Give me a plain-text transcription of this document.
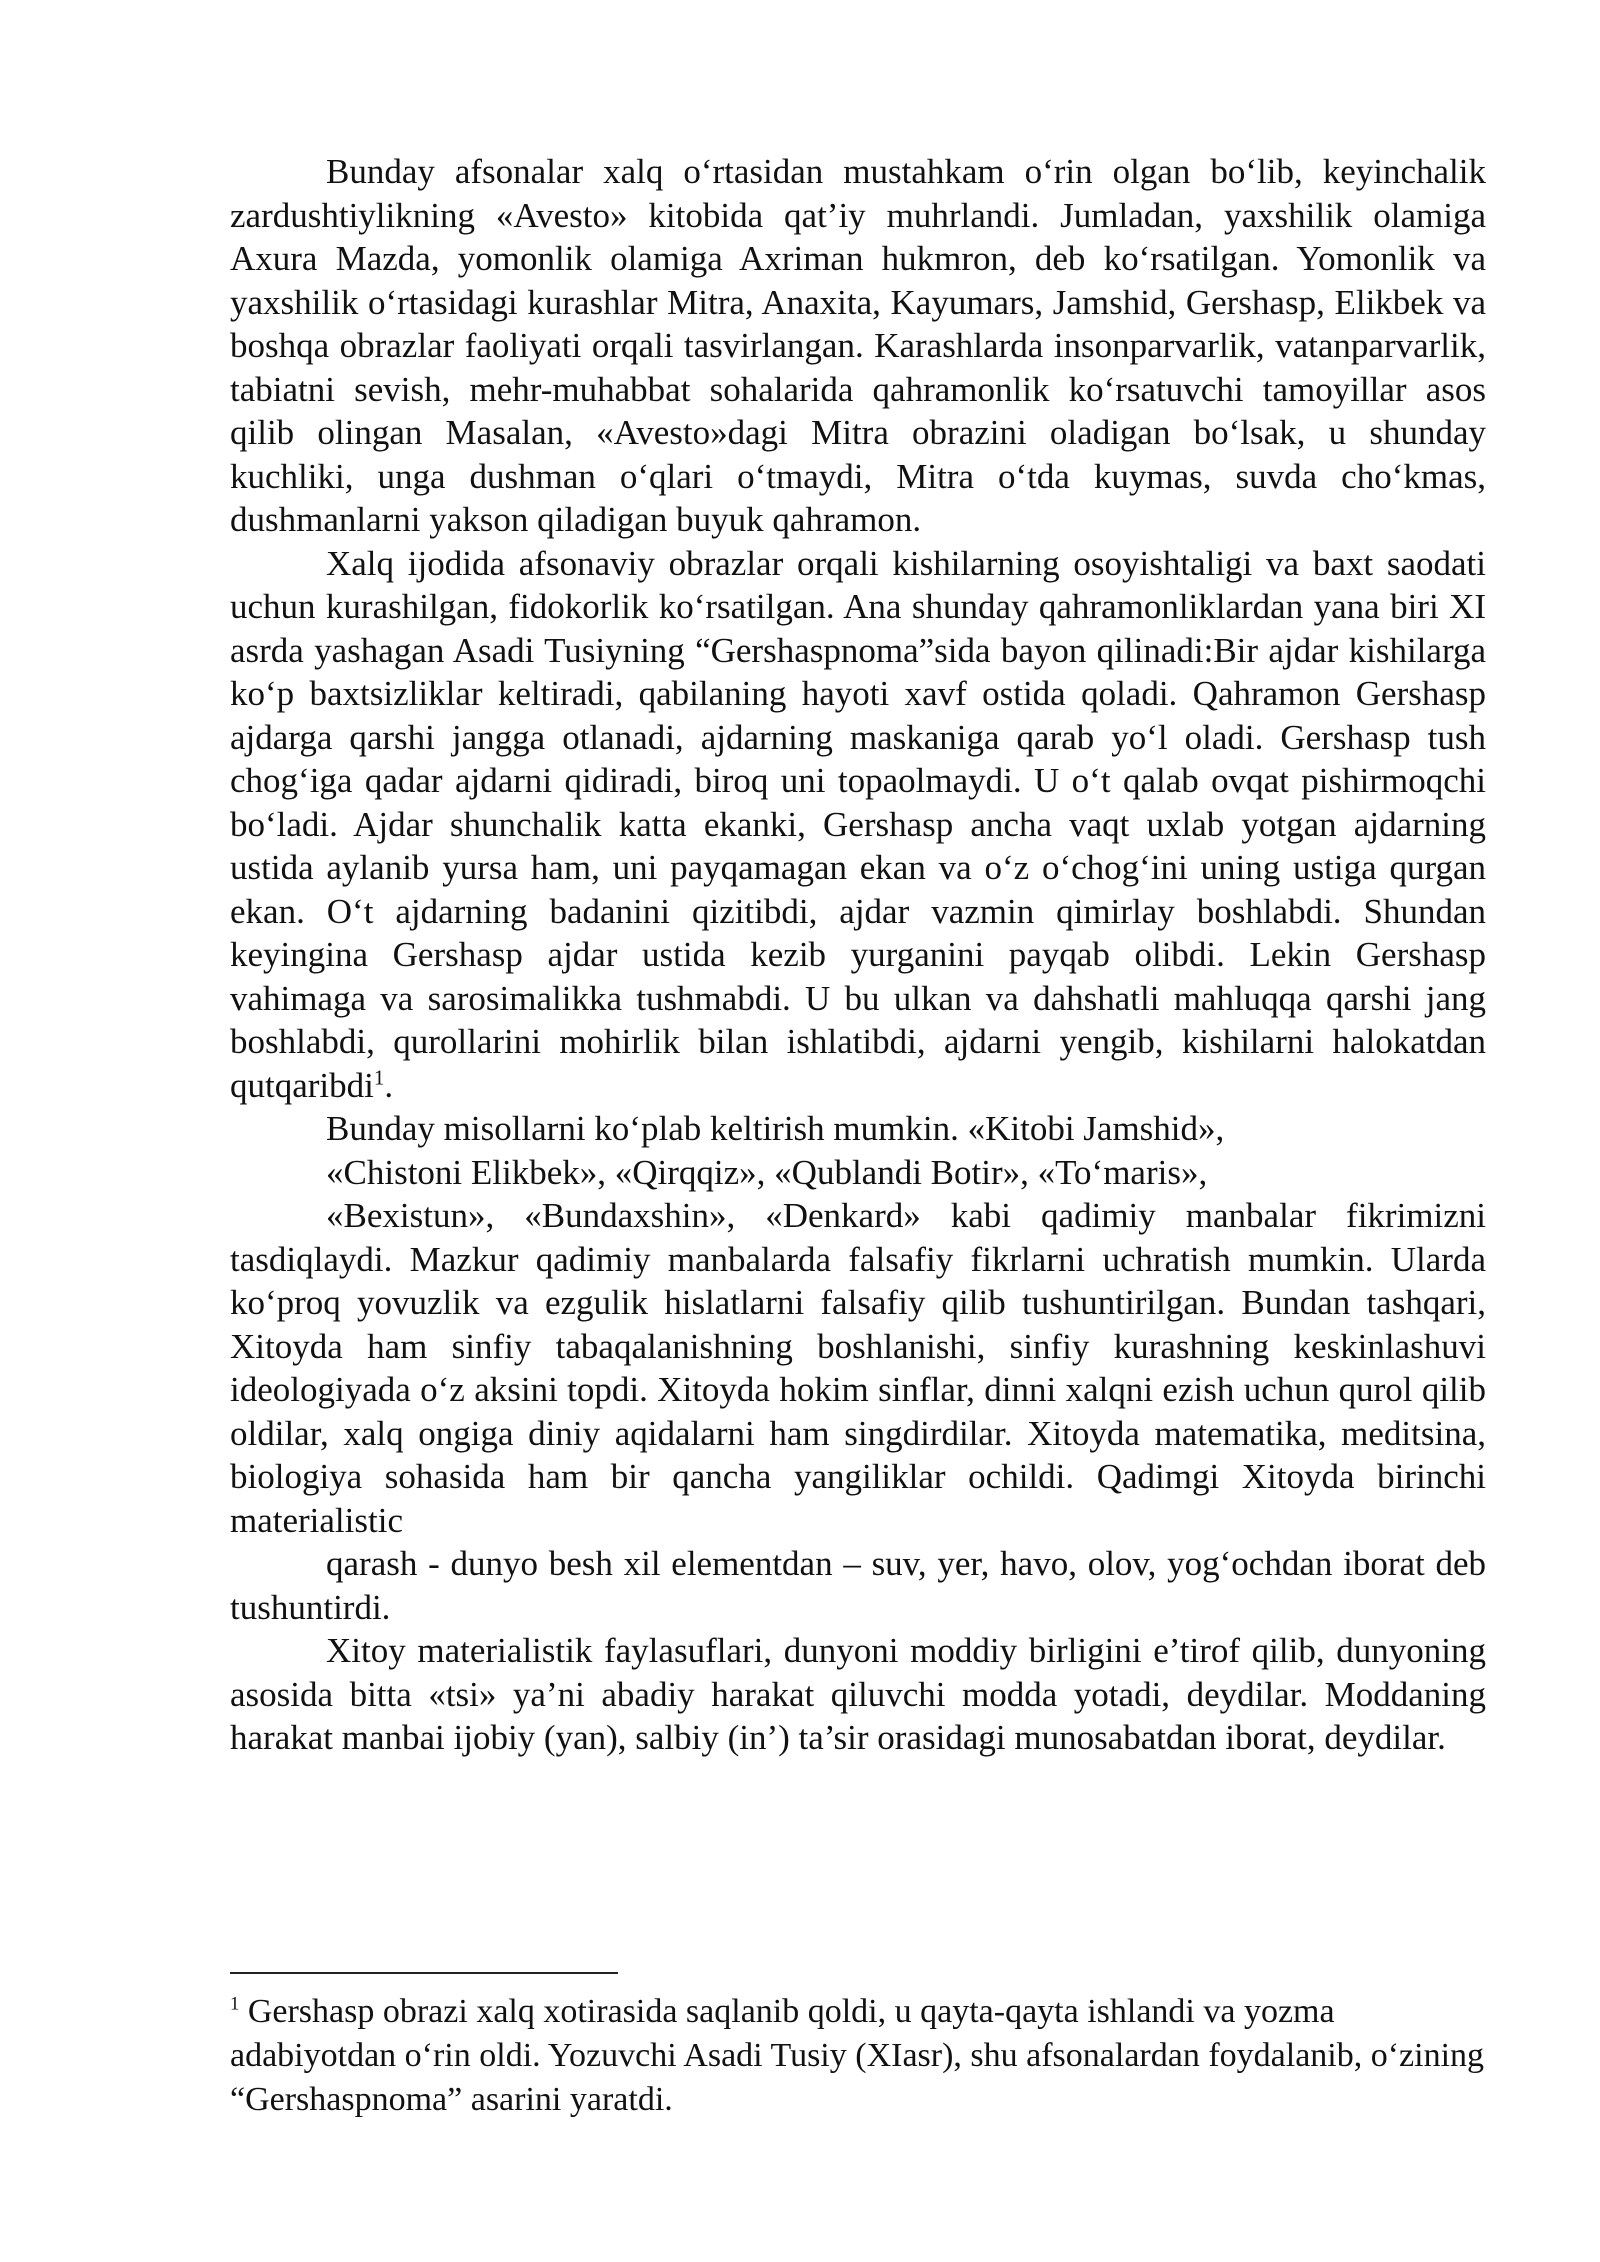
Bunday afsonalar xalq o‘rtasidan mustahkam o‘rin olgan bo‘lib, keyinchalik zardushtiylikning «Avesto» kitobida qat’iy muhrlandi. Jumladan, yaxshilik olamiga Axura Mazda, yomonlik olamiga Axriman hukmron, deb ko‘rsatilgan. Yomonlik va yaxshilik o‘rtasidagi kurashlar Mitra, Anaxita, Kayumars, Jamshid, Gershasp, Elikbek va boshqa obrazlar faoliyati orqali tasvirlangan. Karashlarda insonparvarlik, vatanparvarlik, tabiatni sevish, mehr-muhabbat sohalarida qahramonlik ko‘rsatuvchi tamoyillar asos qilib olingan Masalan, «Avesto»dagi Mitra obrazini oladigan bo‘lsak, u shunday kuchliki, unga dushman o‘qlari o‘tmaydi, Mitra o‘tda kuymas, suvda cho‘kmas, dushmanlarni yakson qiladigan buyuk qahramon.

Xalq ijodida afsonaviy obrazlar orqali kishilarning osoyishtaligi va baxt saodati uchun kurashilgan, fidokorlik ko‘rsatilgan. Ana shunday qahramonliklardan yana biri XI asrda yashagan Asadi Tusiyning “Gershaspnoma”sida bayon qilinadi:Bir ajdar kishilarga ko‘p baxtsizliklar keltiradi, qabilaning hayoti xavf ostida qoladi. Qahramon Gershasp ajdarga qarshi jangga otlanadi, ajdarning maskaniga qarab yo‘l oladi. Gershasp tush chog‘iga qadar ajdarni qidiradi, biroq uni topaolmaydi. U o‘t qalab ovqat pishirmoqchi bo‘ladi. Ajdar shunchalik katta ekanki, Gershasp ancha vaqt uxlab yotgan ajdarning ustida aylanib yursa ham, uni payqamagan ekan va o‘z o‘chog‘ini uning ustiga qurgan ekan. O‘t ajdarning badanini qizitibdi, ajdar vazmin qimirlay boshlabdi. Shundan keyingina Gershasp ajdar ustida kezib yurganini payqab olibdi. Lekin Gershasp vahimaga va sarosimalikka tushmabdi. U bu ulkan va dahshatli mahluqqa qarshi jang boshlabdi, qurollarini mohirlik bilan ishlatibdi, ajdarni yengib, kishilarni halokatdan qutqaribdi$^1$.

Bunday misollarni ko‘plab keltirish mumkin. «Kitobi Jamshid»,

«Chistoni Elikbek», «Qirqqiz», «Qublandi Botir», «To‘maris»,

«Bexistun», «Bundaxshin», «Denkard» kabi qadimiy manbalar fikrimizni tasdiqlaydi. Mazkur qadimiy manbalarda falsafiy fikrlarni uchratish mumkin. Ularda ko‘proq yovuzlik va ezgulik hislatlarni falsafiy qilib tushuntirilgan. Bundan tashqari, Xitoyda ham sinfiy tabaqalanishning boshlanishi, sinfiy kurashning keskinlashuvi ideologiyada o‘z aksini topdi. Xitoyda hokim sinflar, dinni xalqni ezish uchun qurol qilib oldilar, xalq ongiga diniy aqidalarni ham singdirdilar. Xitoyda matematika, meditsina, biologiya sohasida ham bir qancha yangiliklar ochildi. Qadimgi Xitoyda birinchi materialistic

qarash - dunyo besh xil elementdan – suv, yer, havo, olov, yog‘ochdan iborat deb tushuntirdi.

Xitoy materialistik faylasuflari, dunyoni moddiy birligini e’tirof qilib, dunyoning asosida bitta «tsi» ya’ni abadiy harakat qiluvchi modda yotadi, deydilar. Moddaning harakat manbai ijobiy (yan), salbiy (in’) ta’sir orasidagi munosabatdan iborat, deydilar.

$^1$ Gershasp obrazi xalq xotirasida saqlanib qoldi, u qayta-qayta ishlandi va yozma adabiyotdan o‘rin oldi. Yozuvchi Asadi Tusiy (XIasr), shu afsonalardan foydalanib, o‘zining “Gershaspnoma” asarini yaratdi.
